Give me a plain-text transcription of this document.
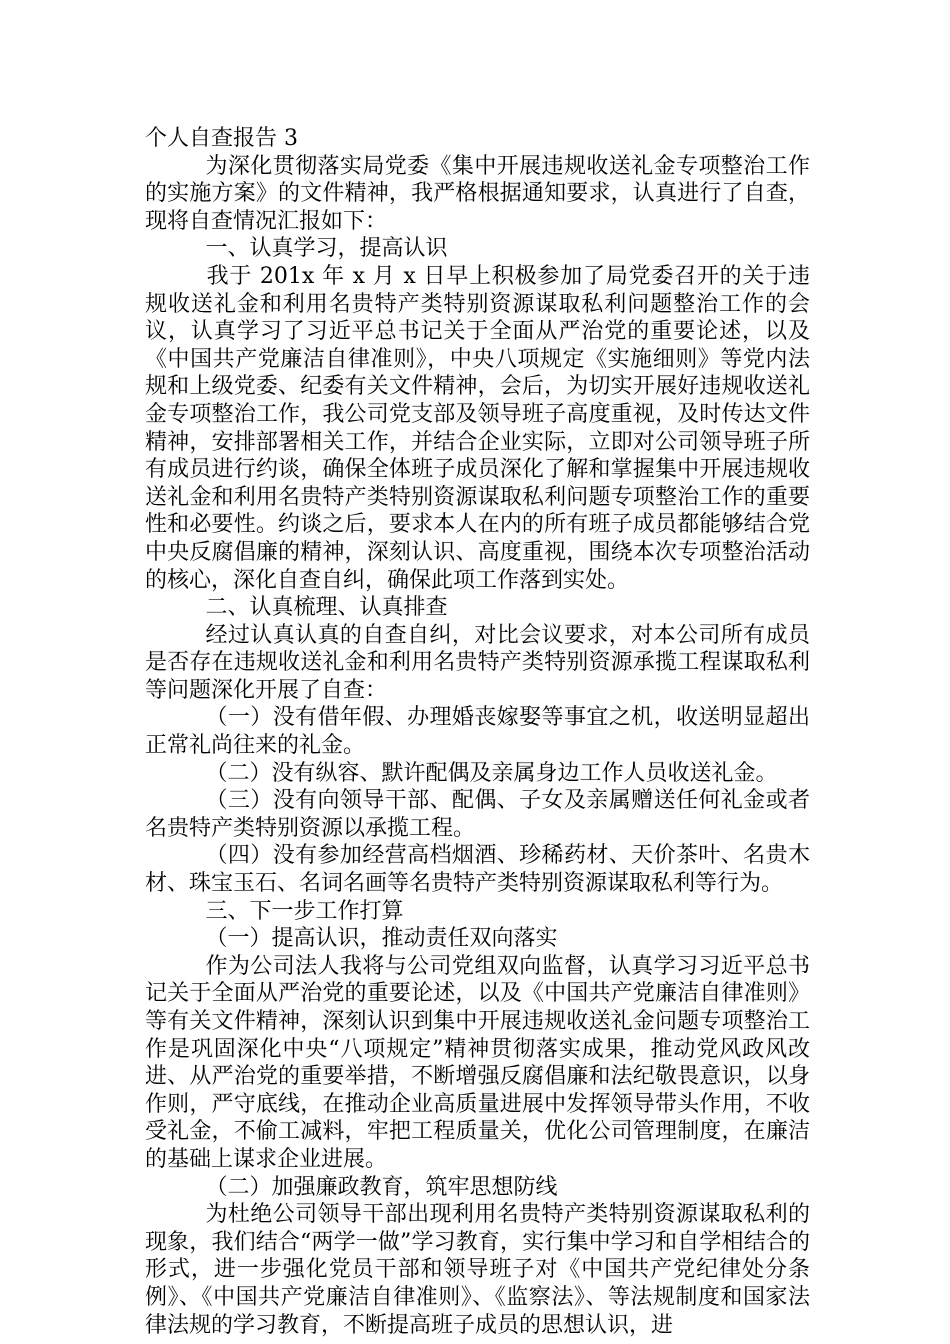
个人自查报告 3

为深化贯彻落实局党委《集中开展违规收送礼金专项整治工作的实施方案》的文件精神，我严格根据通知要求，认真进行了自查，现将自查情况汇报如下：

一、认真学习，提高认识

我于 201x 年 x 月 x 日早上积极参加了局党委召开的关于违规收送礼金和利用名贵特产类特别资源谋取私利问题整治工作的会议，认真学习了习近平总书记关于全面从严治党的重要论述，以及《中国共产党廉洁自律准则》，中央八项规定《实施细则》等党内法规和上级党委、纪委有关文件精神，会后，为切实开展好违规收送礼金专项整治工作，我公司党支部及领导班子高度重视，及时传达文件精神，安排部署相关工作，并结合企业实际，立即对公司领导班子所有成员进行约谈，确保全体班子成员深化了解和掌握集中开展违规收送礼金和利用名贵特产类特别资源谋取私利问题专项整治工作的重要性和必要性。约谈之后，要求本人在内的所有班子成员都能够结合党中央反腐倡廉的精神，深刻认识、高度重视，围绕本次专项整治活动的核心，深化自查自纠，确保此项工作落到实处。

二、认真梳理、认真排查

经过认真认真的自查自纠，对比会议要求，对本公司所有成员是否存在违规收送礼金和利用名贵特产类特别资源承揽工程谋取私利等问题深化开展了自查：

（一）没有借年假、办理婚丧嫁娶等事宜之机，收送明显超出正常礼尚往来的礼金。

（二）没有纵容、默许配偶及亲属身边工作人员收送礼金。

（三）没有向领导干部、配偶、子女及亲属赠送任何礼金或者名贵特产类特别资源以承揽工程。

（四）没有参加经营高档烟酒、珍稀药材、天价茶叶、名贵木材、珠宝玉石、名词名画等名贵特产类特别资源谋取私利等行为。

三、下一步工作打算

（一）提高认识，推动责任双向落实

作为公司法人我将与公司党组双向监督，认真学习习近平总书记关于全面从严治党的重要论述，以及《中国共产党廉洁自律准则》等有关文件精神，深刻认识到集中开展违规收送礼金问题专项整治工作是巩固深化中央“八项规定”精神贯彻落实成果，推动党风政风改进、从严治党的重要举措，不断增强反腐倡廉和法纪敬畏意识，以身作则，严守底线，在推动企业高质量进展中发挥领导带头作用，不收受礼金，不偷工减料，牢把工程质量关，优化公司管理制度，在廉洁的基础上谋求企业进展。

（二）加强廉政教育，筑牢思想防线

为杜绝公司领导干部出现利用名贵特产类特别资源谋取私利的现象，我们结合“两学一做”学习教育，实行集中学习和自学相结合的形式，进一步强化党员干部和领导班子对《中国共产党纪律处分条例》、《中国共产党廉洁自律准则》、《监察法》、等法规制度和国家法律法规的学习教育，不断提高班子成员的思想认识，进
